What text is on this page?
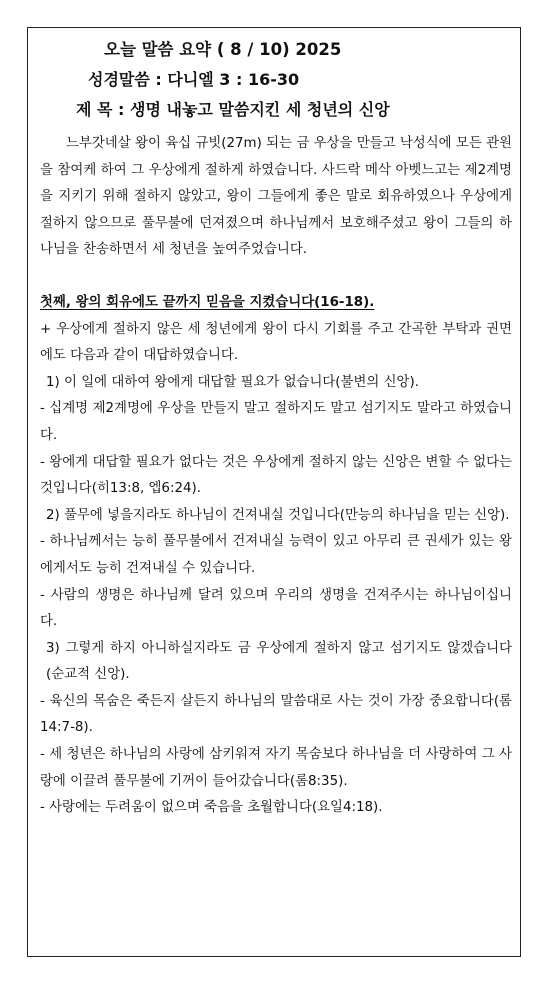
오늘 말씀 요약 ( 8 / 10) 2025
성경말씀 : 다니엘 3 : 16-30
제 목 : 생명 내놓고 말씀지킨 세 청년의 신앙

느부갓네살 왕이 육십 규빗(27m) 되는 금 우상을 만들고 낙성식에 모든 관원을 참여케 하여 그 우상에게 절하게 하였습니다. 사드락 메삭 아벳느고는 제2계명을 지키기 위해 절하지 않았고, 왕이 그들에게 좋은 말로 회유하였으나 우상에게 절하지 않으므로 풀무불에 던져졌으며 하나님께서 보호해주셨고 왕이 그들의 하나님을 찬송하면서 세 청년을 높여주었습니다.

첫째, 왕의 회유에도 끝까지 믿음을 지켰습니다(16-18).

+ 우상에게 절하지 않은 세 청년에게 왕이 다시 기회를 주고 간곡한 부탁과 권면에도 다음과 같이 대답하였습니다.

1) 이 일에 대하여 왕에게 대답할 필요가 없습니다(불변의 신앙).

- 십계명 제2계명에 우상을 만들지 말고 절하지도 말고 섬기지도 말라고 하였습니다.

- 왕에게 대답할 필요가 없다는 것은 우상에게 절하지 않는 신앙은 변할 수 없다는 것입니다(히13:8, 엡6:24).

2) 풀무에 넣을지라도 하나님이 건져내실 것입니다(만능의 하나님을 믿는 신앙).

- 하나님께서는 능히 풀무불에서 건져내실 능력이 있고 아무리 큰 권세가 있는 왕에게서도 능히 건져내실 수 있습니다.

- 사람의 생명은 하나님께 달려 있으며 우리의 생명을 건져주시는 하나님이십니다.

3) 그렇게 하지 아니하실지라도 금 우상에게 절하지 않고 섬기지도 않겠습니다(순교적 신앙).

- 육신의 목숨은 죽든지 살든지 하나님의 말씀대로 사는 것이 가장 중요합니다(롬14:7-8).

- 세 청년은 하나님의 사랑에 삼키워져 자기 목숨보다 하나님을 더 사랑하여 그 사랑에 이끌려 풀무불에 기꺼이 들어갔습니다(롬8:35).

- 사랑에는 두려움이 없으며 죽음을 초월합니다(요일4:18).
